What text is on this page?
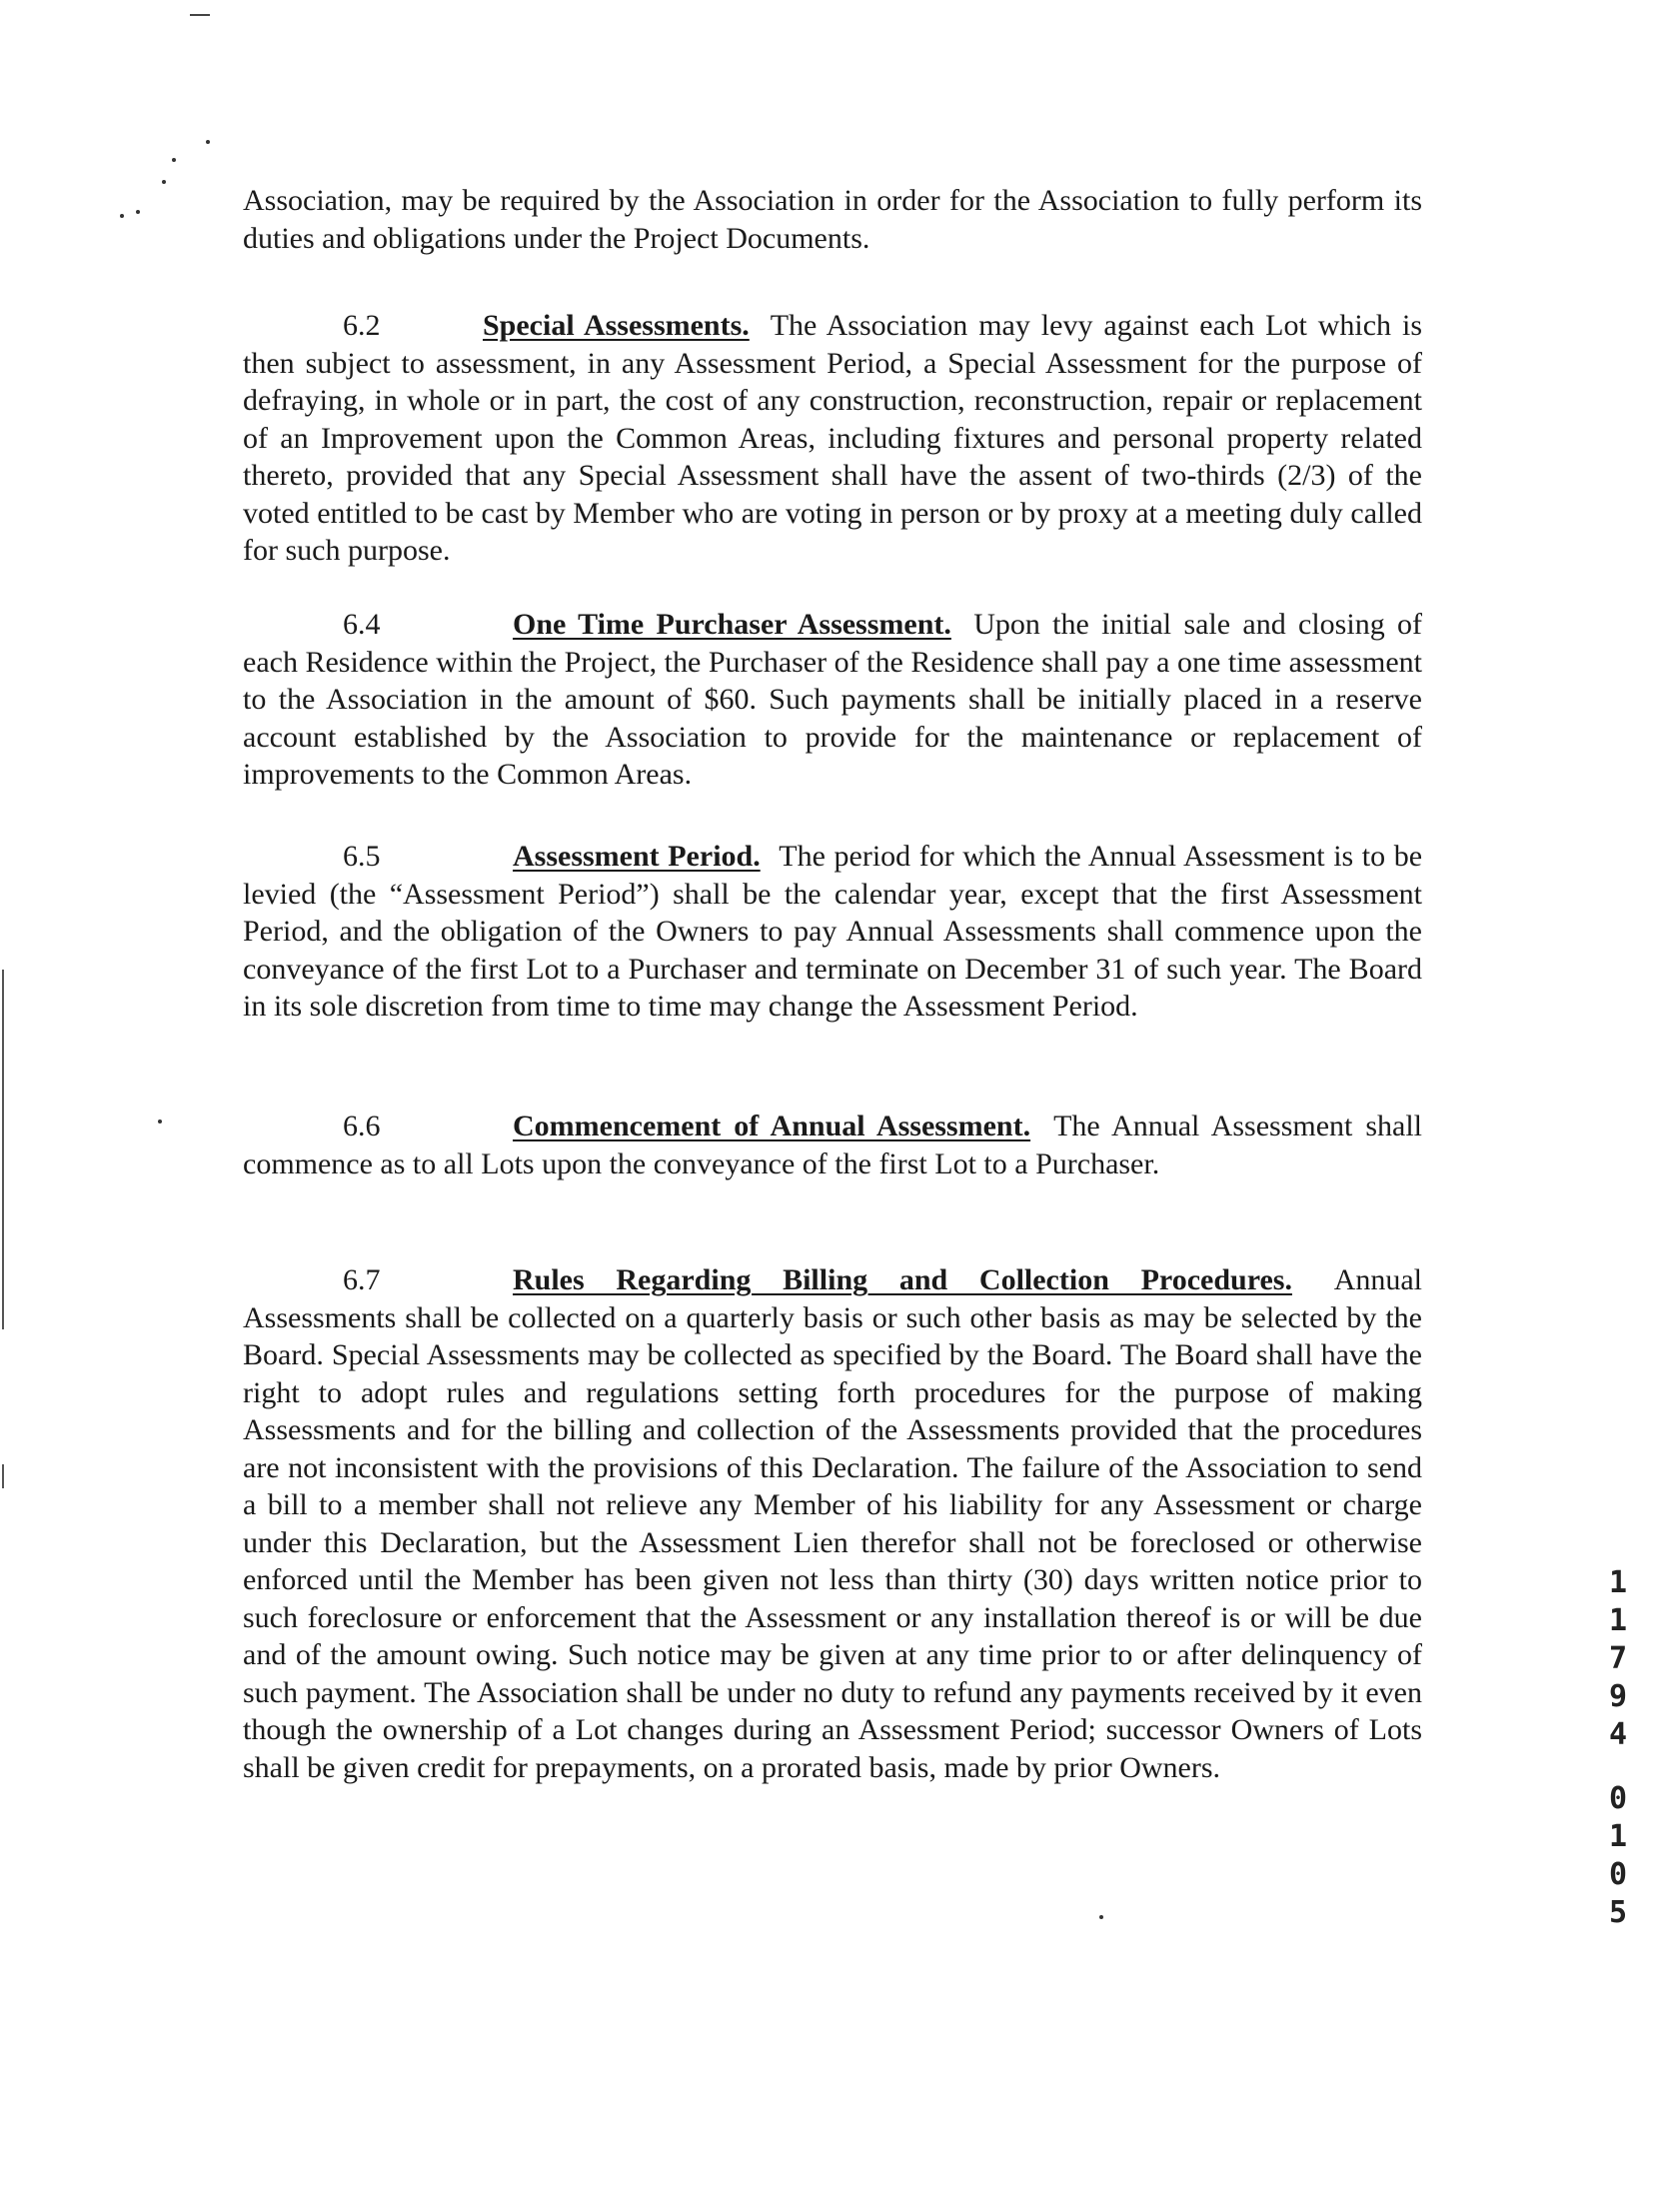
Association, may be required by the Association in order for the Association to fully perform its duties and obligations under the Project Documents.

6.2	Special Assessments. The Association may levy against each Lot which is then subject to assessment, in any Assessment Period, a Special Assessment for the purpose of defraying, in whole or in part, the cost of any construction, reconstruction, repair or replacement of an Improvement upon the Common Areas, including fixtures and personal property related thereto, provided that any Special Assessment shall have the assent of two-thirds (2/3) of the voted entitled to be cast by Member who are voting in person or by proxy at a meeting duly called for such purpose.

6.4	One Time Purchaser Assessment. Upon the initial sale and closing of each Residence within the Project, the Purchaser of the Residence shall pay a one time assessment to the Association in the amount of $60. Such payments shall be initially placed in a reserve account established by the Association to provide for the maintenance or replacement of improvements to the Common Areas.

6.5	Assessment Period. The period for which the Annual Assessment is to be levied (the “Assessment Period”) shall be the calendar year, except that the first Assessment Period, and the obligation of the Owners to pay Annual Assessments shall commence upon the conveyance of the first Lot to a Purchaser and terminate on December 31 of such year. The Board in its sole discretion from time to time may change the Assessment Period.

6.6	Commencement of Annual Assessment. The Annual Assessment shall commence as to all Lots upon the conveyance of the first Lot to a Purchaser.

6.7	Rules Regarding Billing and Collection Procedures. Annual Assessments shall be collected on a quarterly basis or such other basis as may be selected by the Board. Special Assessments may be collected as specified by the Board. The Board shall have the right to adopt rules and regulations setting forth procedures for the purpose of making Assessments and for the billing and collection of the Assessments provided that the procedures are not inconsistent with the provisions of this Declaration. The failure of the Association to send a bill to a member shall not relieve any Member of his liability for any Assessment or charge under this Declaration, but the Assessment Lien therefor shall not be foreclosed or otherwise enforced until the Member has been given not less than thirty (30) days written notice prior to such foreclosure or enforcement that the Assessment or any installation thereof is or will be due and of the amount owing. Such notice may be given at any time prior to or after delinquency of such payment. The Association shall be under no duty to refund any payments received by it even though the ownership of a Lot changes during an Assessment Period; successor Owners of Lots shall be given credit for prepayments, on a prorated basis, made by prior Owners.

1
1
7
9
4
0
1
0
5
